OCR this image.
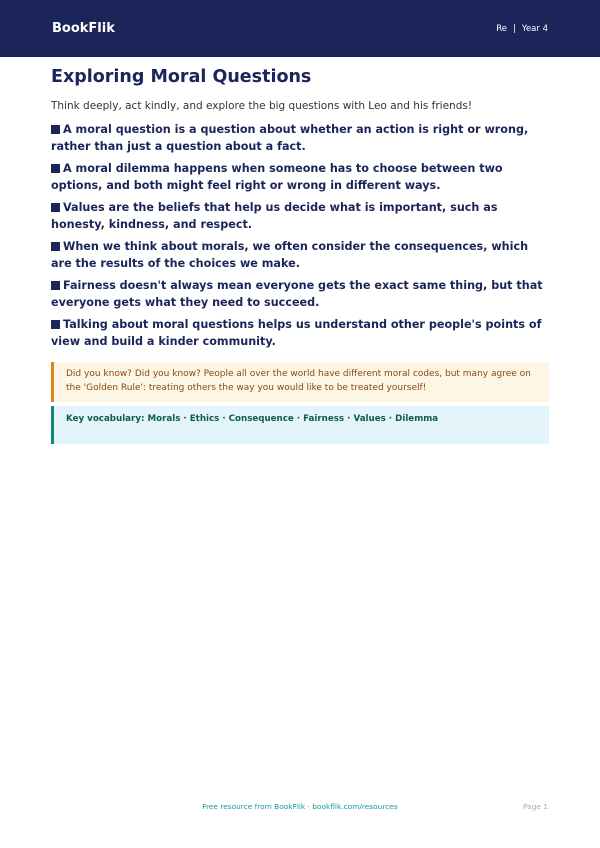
BookFlik	Re | Year 4
Exploring Moral Questions

Think deeply, act kindly, and explore the big questions with Leo and his friends!

A moral question is a question about whether an action is right or wrong, rather than just a question about a fact.
A moral dilemma happens when someone has to choose between two options, and both might feel right or wrong in different ways.
Values are the beliefs that help us decide what is important, such as honesty, kindness, and respect.
When we think about morals, we often consider the consequences, which are the results of the choices we make.
Fairness doesn't always mean everyone gets the exact same thing, but that everyone gets what they need to succeed.
Talking about moral questions helps us understand other people's points of view and build a kinder community.
Did you know? Did you know? People all over the world have different moral codes, but many agree on the 'Golden Rule': treating others the way you would like to be treated yourself!
Key vocabulary: Morals · Ethics · Consequence · Fairness · Values · Dilemma
Free resource from BookFlik · bookflik.com/resources	Page 1
